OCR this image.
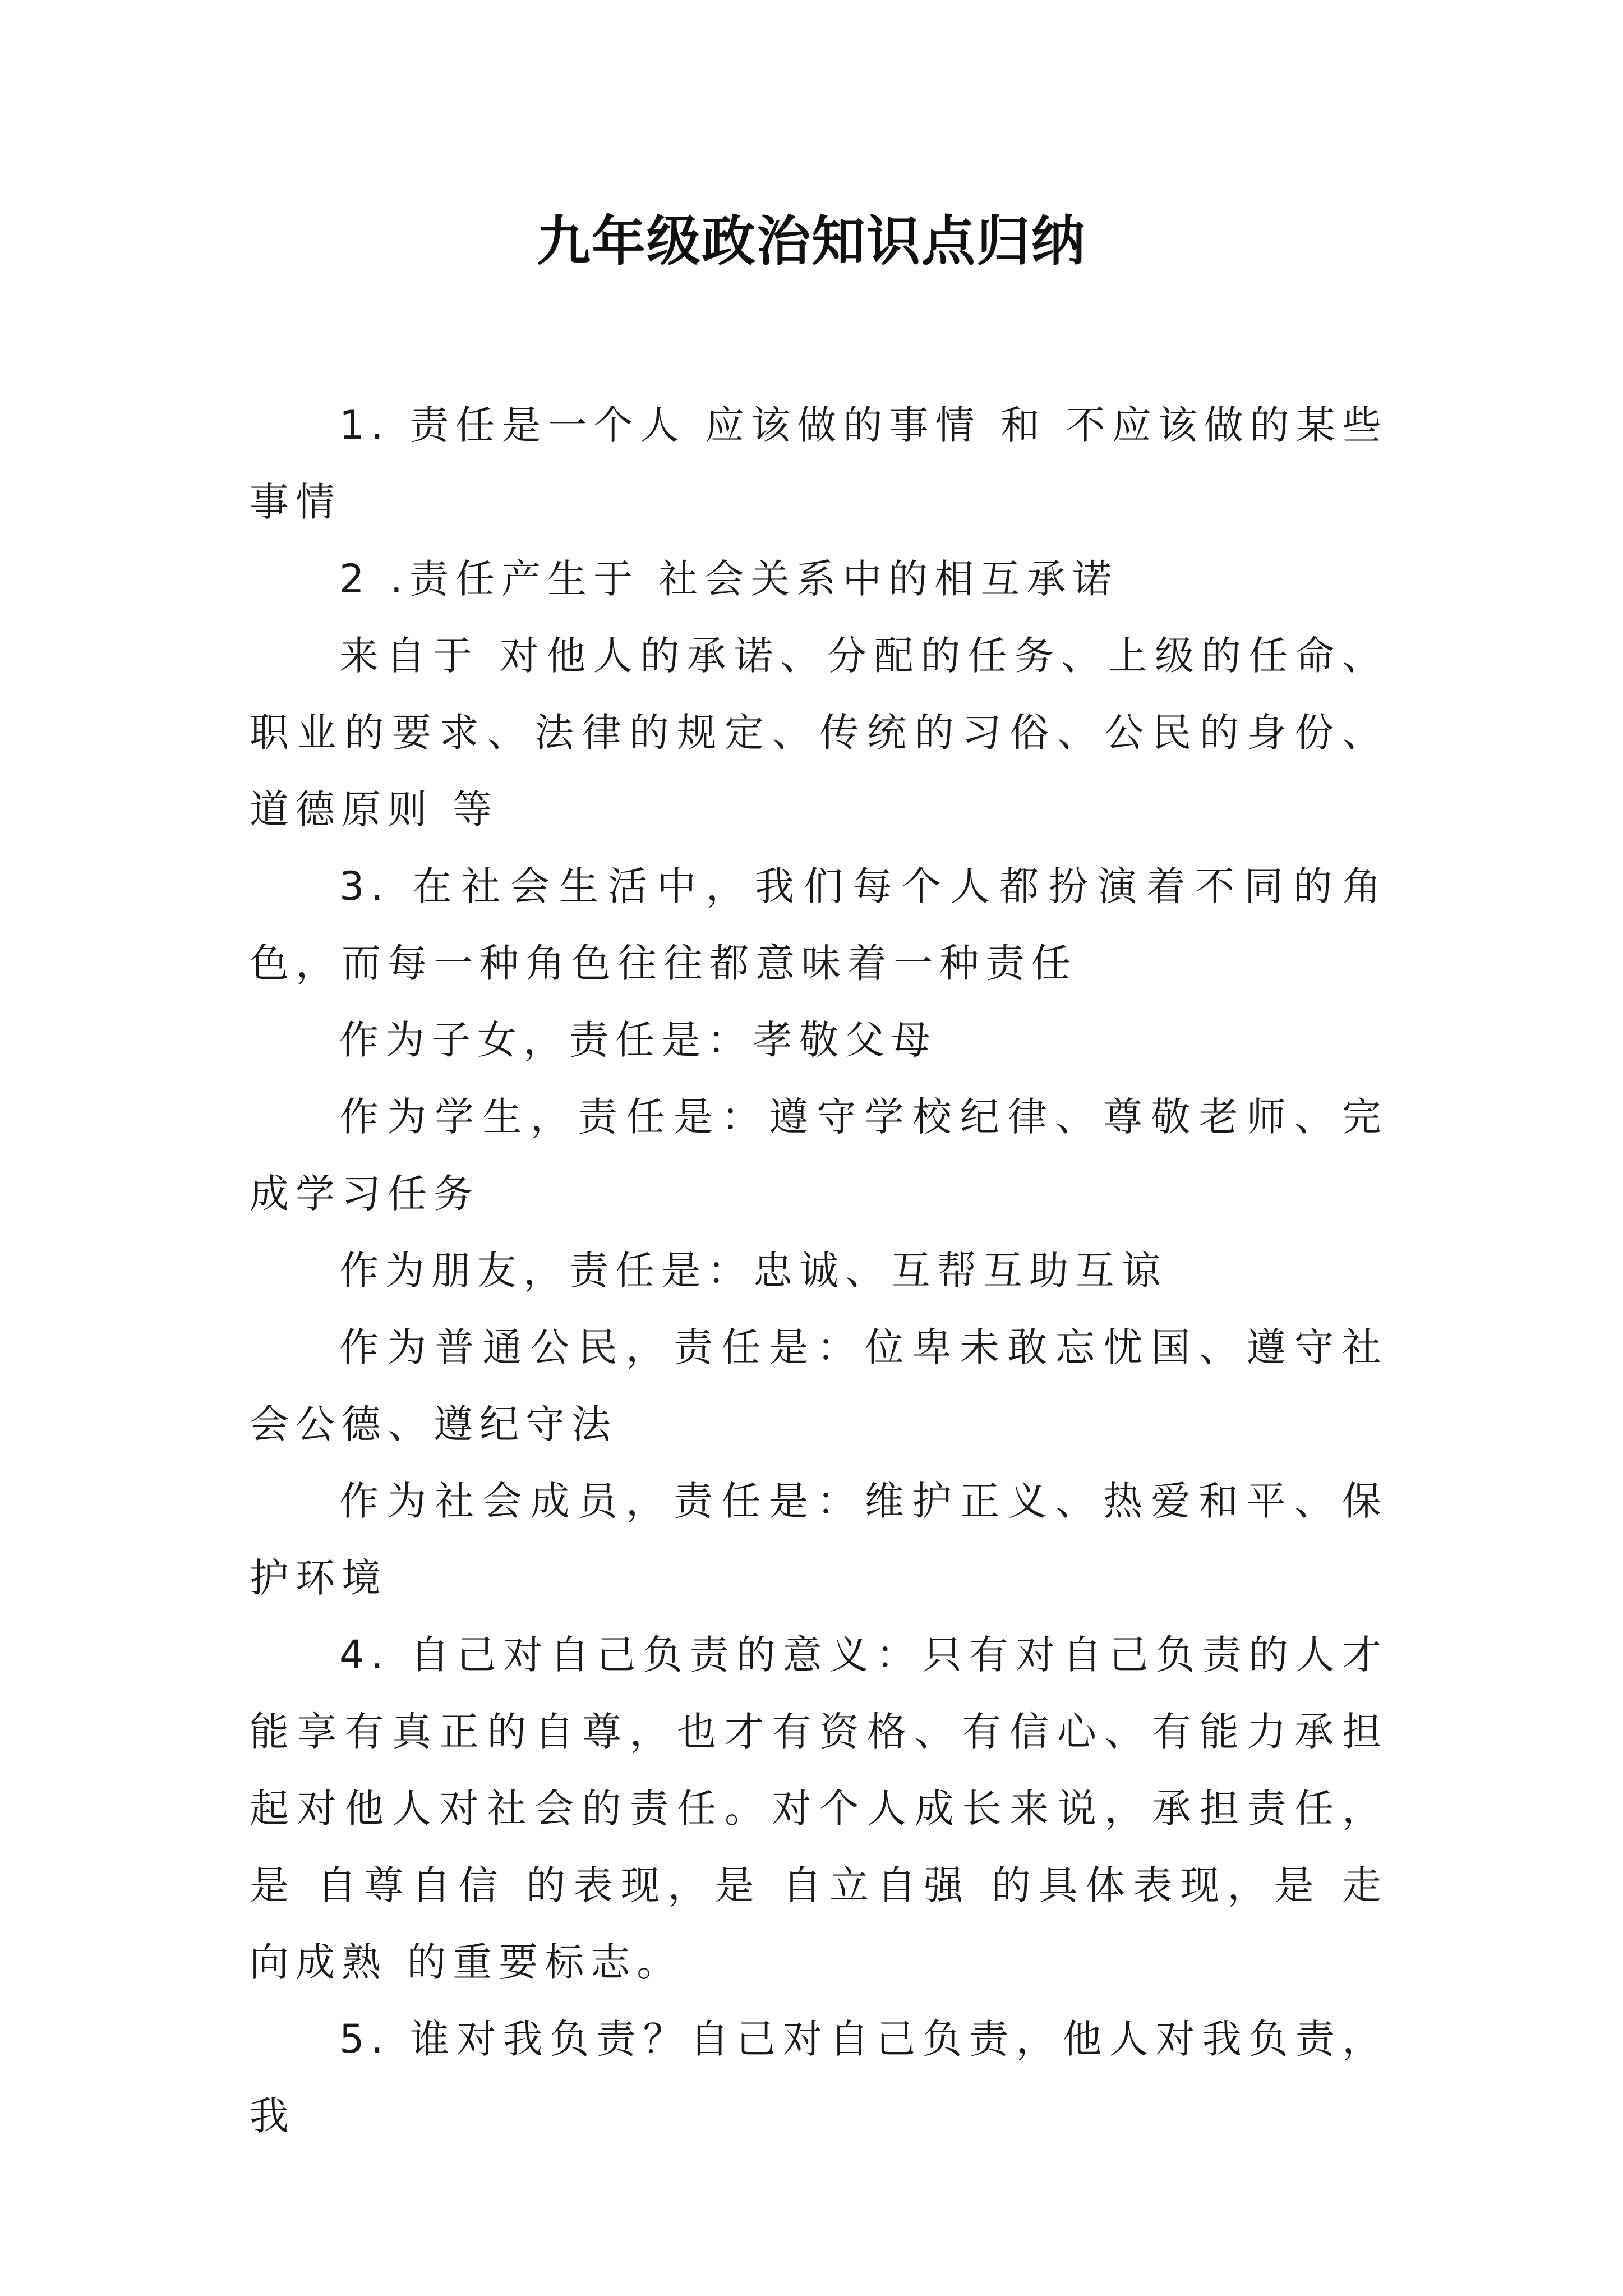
九年级政治知识点归纳

1. 责任是一个人 应该做的事情 和 不应该做的某些事情

2 .责任产生于 社会关系中的相互承诺

来自于 对他人的承诺、分配的任务、上级的任命、职业的要求、法律的规定、传统的习俗、公民的身份、道德原则 等

3. 在社会生活中，我们每个人都扮演着不同的角色，而每一种角色往往都意味着一种责任

作为子女，责任是：孝敬父母

作为学生，责任是：遵守学校纪律、尊敬老师、完成学习任务

作为朋友，责任是：忠诚、互帮互助互谅

作为普通公民，责任是：位卑未敢忘忧国、遵守社会公德、遵纪守法

作为社会成员，责任是：维护正义、热爱和平、保护环境

4. 自己对自己负责的意义：只有对自己负责的人才能享有真正的自尊，也才有资格、有信心、有能力承担起对他人对社会的责任。对个人成长来说，承担责任，是 自尊自信 的表现，是 自立自强 的具体表现，是 走向成熟 的重要标志。

5. 谁对我负责？自己对自己负责，他人对我负责，我
